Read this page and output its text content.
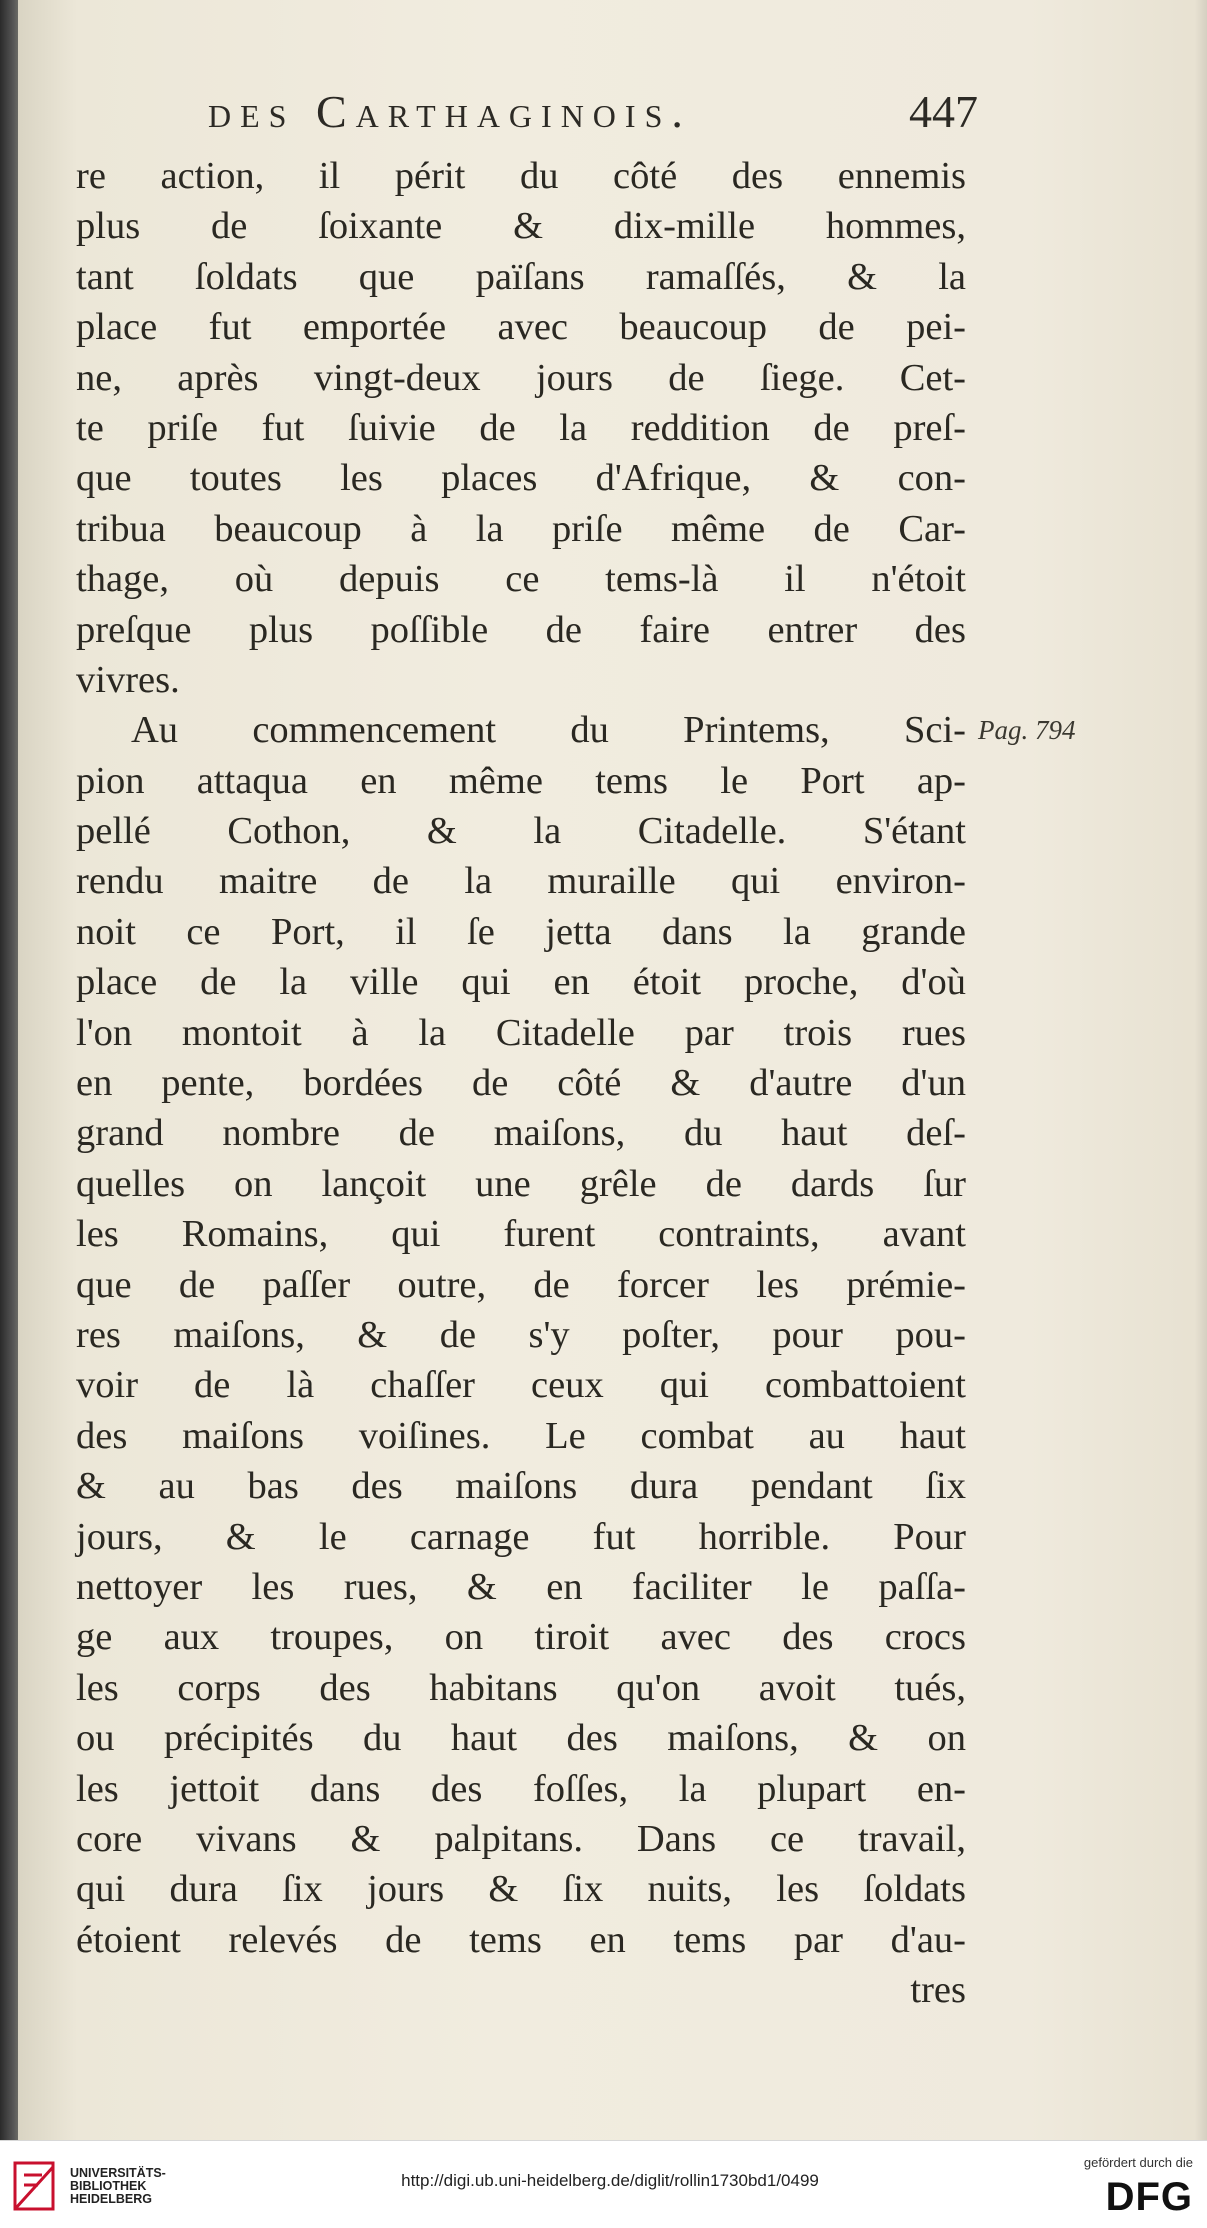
des Carthaginois.	447
re action, il périt du côté des ennemis
plus de ſoixante & dix-mille hommes,
tant ſoldats que païſans ramaſſés, & la
place fut emportée avec beaucoup de pei-
ne, après vingt-deux jours de ſiege. Cet-
te priſe fut ſuivie de la reddition de preſ-
que toutes les places d'Afrique, & con-
tribua beaucoup à la priſe même de Car-
thage, où depuis ce tems-là il n'étoit
preſque plus poſſible de faire entrer des
vivres.
Au commencement du Printems, Sci-
pion attaqua en même tems le Port ap-
pellé Cothon, & la Citadelle. S'étant
rendu maitre de la muraille qui environ-
noit ce Port, il ſe jetta dans la grande
place de la ville qui en étoit proche, d'où
l'on montoit à la Citadelle par trois rues
en pente, bordées de côté & d'autre d'un
grand nombre de maiſons, du haut deſ-
quelles on lançoit une grêle de dards ſur
les Romains, qui furent contraints, avant
que de paſſer outre, de forcer les prémie-
res maiſons, & de s'y poſter, pour pou-
voir de là chaſſer ceux qui combattoient
des maiſons voiſines. Le combat au haut
& au bas des maiſons dura pendant ſix
jours, & le carnage fut horrible. Pour
nettoyer les rues, & en faciliter le paſſa-
ge aux troupes, on tiroit avec des crocs
les corps des habitans qu'on avoit tués,
ou précipités du haut des maiſons, & on
les jettoit dans des foſſes, la plupart en-
core vivans & palpitans. Dans ce travail,
qui dura ſix jours & ſix nuits, les ſoldats
étoient relevés de tems en tems par d'au-
tres
Pag. 794
UNIVERSITÄTS-
BIBLIOTHEK
HEIDELBERG
http://digi.ub.uni-heidelberg.de/diglit/rollin1730bd1/0499
gefördert durch die
DFG
